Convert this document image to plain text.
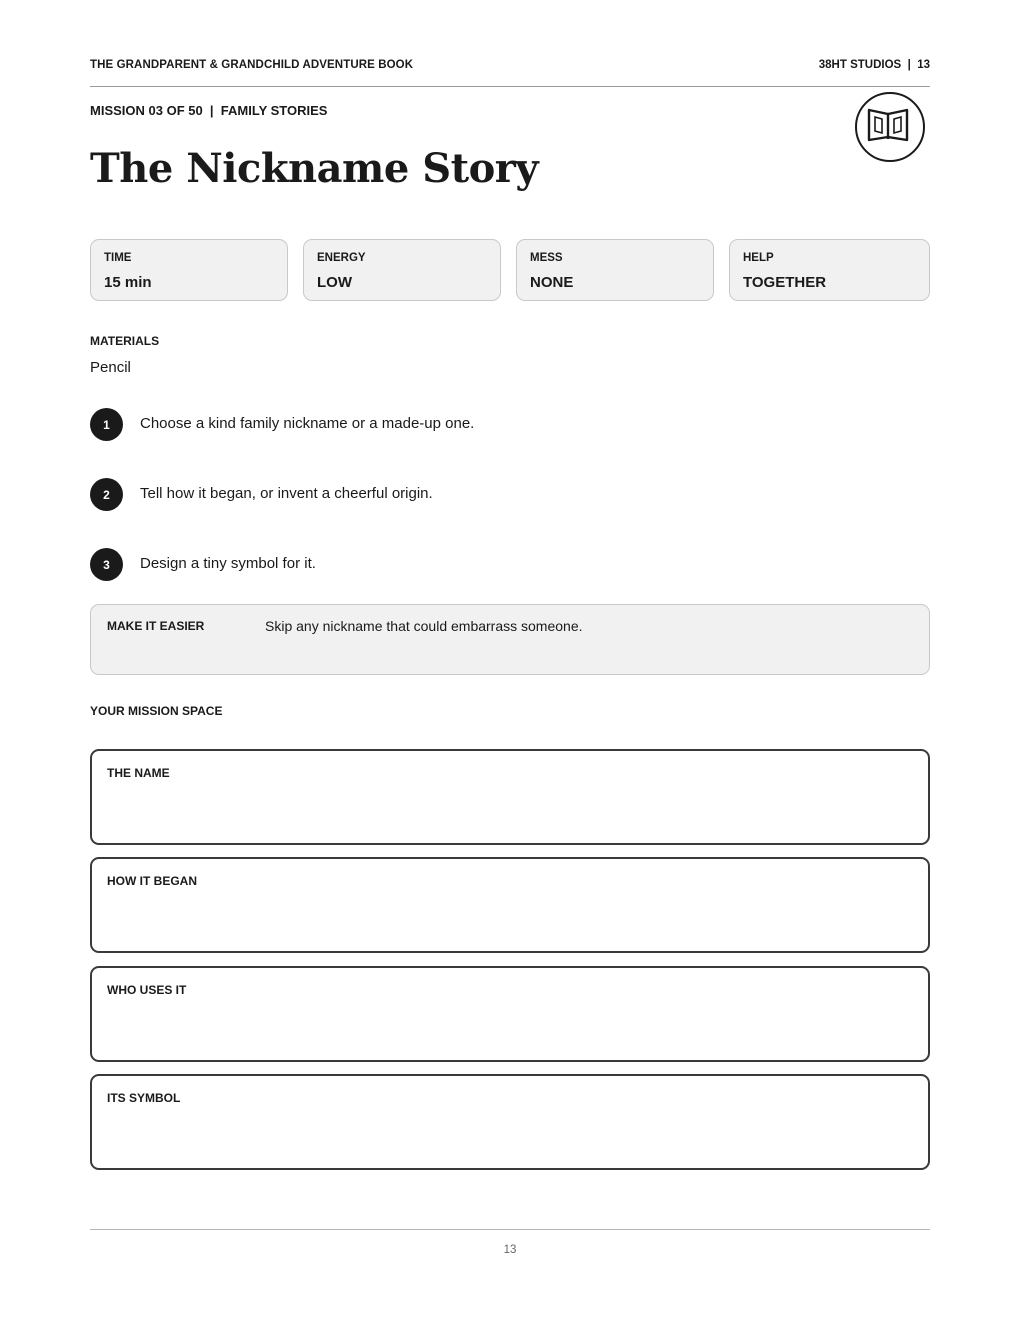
THE GRANDPARENT & GRANDCHILD ADVENTURE BOOK	38HT STUDIOS  |  13
MISSION 03 OF 50  |  FAMILY STORIES
The Nickname Story
TIME
15 min
ENERGY
LOW
MESS
NONE
HELP
TOGETHER
MATERIALS
Pencil
1	Choose a kind family nickname or a made-up one.
2	Tell how it began, or invent a cheerful origin.
3	Design a tiny symbol for it.
MAKE IT EASIER	Skip any nickname that could embarrass someone.
YOUR MISSION SPACE
THE NAME
HOW IT BEGAN
WHO USES IT
ITS SYMBOL
13
